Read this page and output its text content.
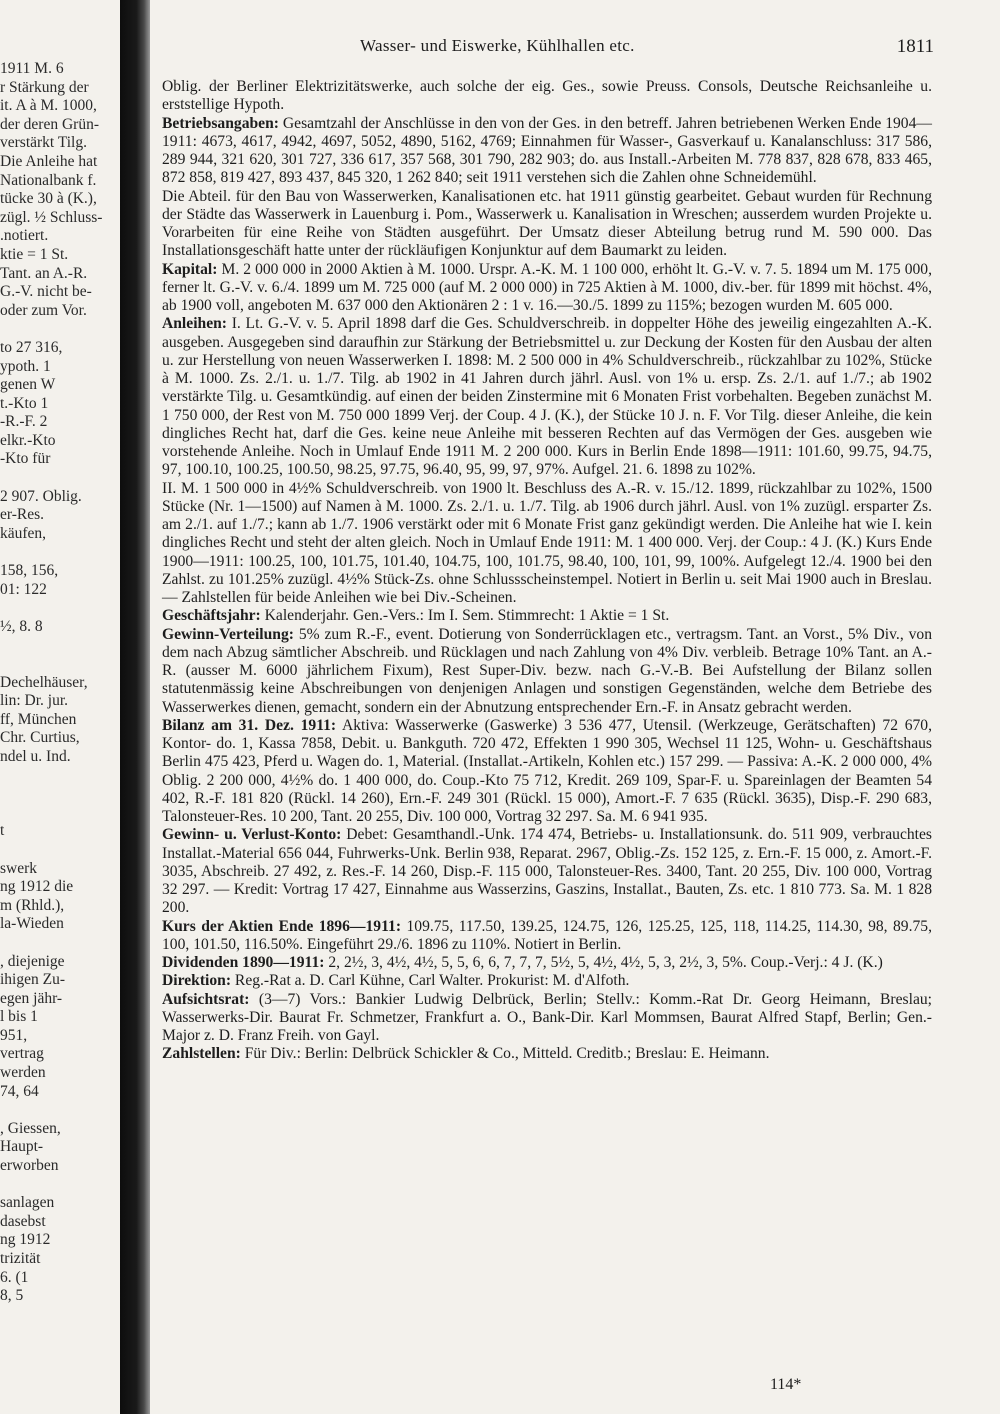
1911 M. 6
r Stärkung der
it. A à M. 1000,
der deren Grün-
verstärkt Tilg.
Die Anleihe hat
Nationalbank f.
tücke 30 à (K.),
zügl. ½ Schluss-
.notiert.
ktie = 1 St.
Tant. an A.-R.
G.-V. nicht be-
oder zum Vor.
to 27 316,
ypoth. 1
genen W
t.-Kto 1
-R.-F. 2
elkr.-Kto
-Kto für
2 907. Oblig.
er-Res.
käufen,
158, 156,
01: 122
½, 8. 8
Dechelhäuser,
lin: Dr. jur.
ff, München
Chr. Curtius,
ndel u. Ind.
t
swerk
ng 1912 die
m (Rhld.),
la-Wieden
, diejenige
ihigen Zu-
egen jähr-
l bis 1
951,
vertrag
werden
74, 64
, Giessen,
Haupt-
erworben
sanlagen
dasebst
ng 1912
trizität
6. (1
8, 5
Wasser- und Eiswerke, Kühlhallen etc.	1811

Oblig. der Berliner Elektrizitätswerke, auch solche der eig. Ges., sowie Preuss. Consols, Deutsche Reichsanleihe u. erststellige Hypoth.

Betriebsangaben: Gesamtzahl der Anschlüsse in den von der Ges. in den betreff. Jahren betriebenen Werken Ende 1904—1911: 4673, 4617, 4942, 4697, 5052, 4890, 5162, 4769; Einnahmen für Wasser-, Gasverkauf u. Kanalanschluss: 317 586, 289 944, 321 620, 301 727, 336 617, 357 568, 301 790, 282 903; do. aus Install.-Arbeiten M. 778 837, 828 678, 833 465, 872 858, 819 427, 893 437, 845 320, 1 262 840; seit 1911 verstehen sich die Zahlen ohne Schneidemühl.

Die Abteil. für den Bau von Wasserwerken, Kanalisationen etc. hat 1911 günstig gearbeitet. Gebaut wurden für Rechnung der Städte das Wasserwerk in Lauenburg i. Pom., Wasserwerk u. Kanalisation in Wreschen; ausserdem wurden Projekte u. Vorarbeiten für eine Reihe von Städten ausgeführt. Der Umsatz dieser Abteilung betrug rund M. 590 000. Das Installationsgeschäft hatte unter der rückläufigen Konjunktur auf dem Baumarkt zu leiden.

Kapital: M. 2 000 000 in 2000 Aktien à M. 1000. Urspr. A.-K. M. 1 100 000, erhöht lt. G.-V. v. 7. 5. 1894 um M. 175 000, ferner lt. G.-V. v. 6./4. 1899 um M. 725 000 (auf M. 2 000 000) in 725 Aktien à M. 1000, div.-ber. für 1899 mit höchst. 4%, ab 1900 voll, angeboten M. 637 000 den Aktionären 2 : 1 v. 16.—30./5. 1899 zu 115%; bezogen wurden M. 605 000.

Anleihen: I. Lt. G.-V. v. 5. April 1898 darf die Ges. Schuldverschreib. in doppelter Höhe des jeweilig eingezahlten A.-K. ausgeben. Ausgegeben sind daraufhin zur Stärkung der Betriebsmittel u. zur Deckung der Kosten für den Ausbau der alten u. zur Herstellung von neuen Wasserwerken I. 1898: M. 2 500 000 in 4% Schuldverschreib., rückzahlbar zu 102%, Stücke à M. 1000. Zs. 2./1. u. 1./7. Tilg. ab 1902 in 41 Jahren durch jährl. Ausl. von 1% u. ersp. Zs. 2./1. auf 1./7.; ab 1902 verstärkte Tilg. u. Gesamtkündig. auf einen der beiden Zinstermine mit 6 Monaten Frist vorbehalten. Begeben zunächst M. 1 750 000, der Rest von M. 750 000 1899 Verj. der Coup. 4 J. (K.), der Stücke 10 J. n. F. Vor Tilg. dieser Anleihe, die kein dingliches Recht hat, darf die Ges. keine neue Anleihe mit besseren Rechten auf das Vermögen der Ges. ausgeben wie vorstehende Anleihe. Noch in Umlauf Ende 1911 M. 2 200 000. Kurs in Berlin Ende 1898—1911: 101.60, 99.75, 94.75, 97, 100.10, 100.25, 100.50, 98.25, 97.75, 96.40, 95, 99, 97, 97%. Aufgel. 21. 6. 1898 zu 102%.

II. M. 1 500 000 in 4½% Schuldverschreib. von 1900 lt. Beschluss des A.-R. v. 15./12. 1899, rückzahlbar zu 102%, 1500 Stücke (Nr. 1—1500) auf Namen à M. 1000. Zs. 2./1. u. 1./7. Tilg. ab 1906 durch jährl. Ausl. von 1% zuzügl. ersparter Zs. am 2./1. auf 1./7.; kann ab 1./7. 1906 verstärkt oder mit 6 Monate Frist ganz gekündigt werden. Die Anleihe hat wie I. kein dingliches Recht und steht der alten gleich. Noch in Umlauf Ende 1911: M. 1 400 000. Verj. der Coup.: 4 J. (K.) Kurs Ende 1900—1911: 100.25, 100, 101.75, 101.40, 104.75, 100, 101.75, 98.40, 100, 101, 99, 100%. Aufgelegt 12./4. 1900 bei den Zahlst. zu 101.25% zuzügl. 4½% Stück-Zs. ohne Schlussscheinstempel. Notiert in Berlin u. seit Mai 1900 auch in Breslau. — Zahlstellen für beide Anleihen wie bei Div.-Scheinen.

Geschäftsjahr: Kalenderjahr. Gen.-Vers.: Im I. Sem. Stimmrecht: 1 Aktie = 1 St.

Gewinn-Verteilung: 5% zum R.-F., event. Dotierung von Sonderrücklagen etc., vertragsm. Tant. an Vorst., 5% Div., von dem nach Abzug sämtlicher Abschreib. und Rücklagen und nach Zahlung von 4% Div. verbleib. Betrage 10% Tant. an A.-R. (ausser M. 6000 jährlichem Fixum), Rest Super-Div. bezw. nach G.-V.-B. Bei Aufstellung der Bilanz sollen statutenmässig keine Abschreibungen von denjenigen Anlagen und sonstigen Gegenständen, welche dem Betriebe des Wasserwerkes dienen, gemacht, sondern ein der Abnutzung entsprechender Ern.-F. in Ansatz gebracht werden.

Bilanz am 31. Dez. 1911: Aktiva: Wasserwerke (Gaswerke) 3 536 477, Utensil. (Werkzeuge, Gerätschaften) 72 670, Kontor- do. 1, Kassa 7858, Debit. u. Bankguth. 720 472, Effekten 1 990 305, Wechsel 11 125, Wohn- u. Geschäftshaus Berlin 475 423, Pferd u. Wagen do. 1, Material. (Installat.-Artikeln, Kohlen etc.) 157 299. — Passiva: A.-K. 2 000 000, 4% Oblig. 2 200 000, 4½% do. 1 400 000, do. Coup.-Kto 75 712, Kredit. 269 109, Spar-F. u. Spareinlagen der Beamten 54 402, R.-F. 181 820 (Rückl. 14 260), Ern.-F. 249 301 (Rückl. 15 000), Amort.-F. 7 635 (Rückl. 3635), Disp.-F. 290 683, Talonsteuer-Res. 10 200, Tant. 20 255, Div. 100 000, Vortrag 32 297. Sa. M. 6 941 935.

Gewinn- u. Verlust-Konto: Debet: Gesamthandl.-Unk. 174 474, Betriebs- u. Installationsunk. do. 511 909, verbrauchtes Installat.-Material 656 044, Fuhrwerks-Unk. Berlin 938, Reparat. 2967, Oblig.-Zs. 152 125, z. Ern.-F. 15 000, z. Amort.-F. 3035, Abschreib. 27 492, z. Res.-F. 14 260, Disp.-F. 115 000, Talonsteuer-Res. 3400, Tant. 20 255, Div. 100 000, Vortrag 32 297. — Kredit: Vortrag 17 427, Einnahme aus Wasserzins, Gaszins, Installat., Bauten, Zs. etc. 1 810 773. Sa. M. 1 828 200.

Kurs der Aktien Ende 1896—1911: 109.75, 117.50, 139.25, 124.75, 126, 125.25, 125, 118, 114.25, 114.30, 98, 89.75, 100, 101.50, 116.50%. Eingeführt 29./6. 1896 zu 110%. Notiert in Berlin.

Dividenden 1890—1911: 2, 2½, 3, 4½, 4½, 5, 5, 6, 6, 7, 7, 7, 5½, 5, 4½, 4½, 5, 3, 2½, 3, 5%. Coup.-Verj.: 4 J. (K.)

Direktion: Reg.-Rat a. D. Carl Kühne, Carl Walter. Prokurist: M. d'Alfoth.

Aufsichtsrat: (3—7) Vors.: Bankier Ludwig Delbrück, Berlin; Stellv.: Komm.-Rat Dr. Georg Heimann, Breslau; Wasserwerks-Dir. Baurat Fr. Schmetzer, Frankfurt a. O., Bank-Dir. Karl Mommsen, Baurat Alfred Stapf, Berlin; Gen.-Major z. D. Franz Freih. von Gayl.

Zahlstellen: Für Div.: Berlin: Delbrück Schickler & Co., Mitteld. Creditb.; Breslau: E. Heimann.

114*
